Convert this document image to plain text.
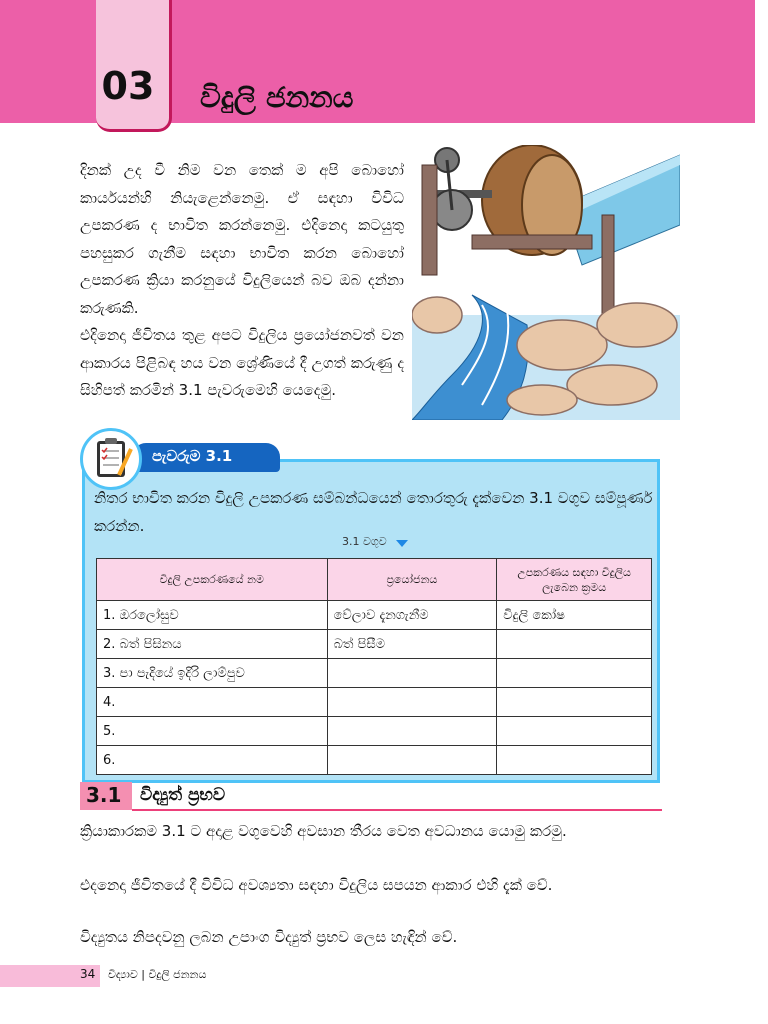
03 විදුලි ජනනය
දිනක් උද වී නිම වන තෙක් ම අපි බොහෝ කාර්යයන්හි නියැළෙන්නෙමු. ඒ සඳහා විවිධ උපකරණ ද භාවිත කරන්නෙමු. එදිනෙදා කටයුතු පහසුකර ගැනීම සඳහා භාවිත කරන බොහෝ උපකරණ ක්‍රියා කරනුයේ විදුලියෙන් බව ඔබ දන්නා කරුණකි.
එදිනෙදා ජීවිතය තුළ අපට විදුලිය ප්‍රයෝජනවත් වන ආකාරය පිළිබඳ හය වන ශ්‍රේණියේ දී උගත් කරුණු ද සිහිපත් කරමින් 3.1 පැවරුමෙහි යෙදෙමු.
පැවරුම 3.1
නිතර භාවිත කරන විදුලි උපකරණ සම්බන්ධයෙන් තොරතුරු දැක්වෙන 3.1 වගුව සම්පූර්ණ කරන්න.
3.1 වගුව
විදුලි උපකරණයේ නම	ප්‍රයෝජනය	උපකරණය සඳහා විදුලිය ලැබෙන ක්‍රමය
1. ඔරලෝසුව	වේලාව දැනගැනීම	විදුලි කෝෂ
2. බත් පිසිනය	බත් පිසීම	
3. පා පැදියේ ඉදිරි ලාම්පුව		
4.		
5.		
6.		
3.1 විද්‍යුත් ප්‍රභව
ක්‍රියාකාරකම 3.1 ට අදාළ වගුවෙහි අවසාන තීරය වෙත අවධානය යොමු කරමු.
එදනෙදා ජීවිතයේ දී විවිධ අවශ්‍යතා සඳහා විදුලිය සපයන ආකාර එහි දැක් වේ.
විද්‍යුතය නිපදවනු ලබන උපාංග විද්‍යුත් ප්‍රභව ලෙස හැඳින් වේ.
34 විද්‍යාව | විදුලි ජනනය
